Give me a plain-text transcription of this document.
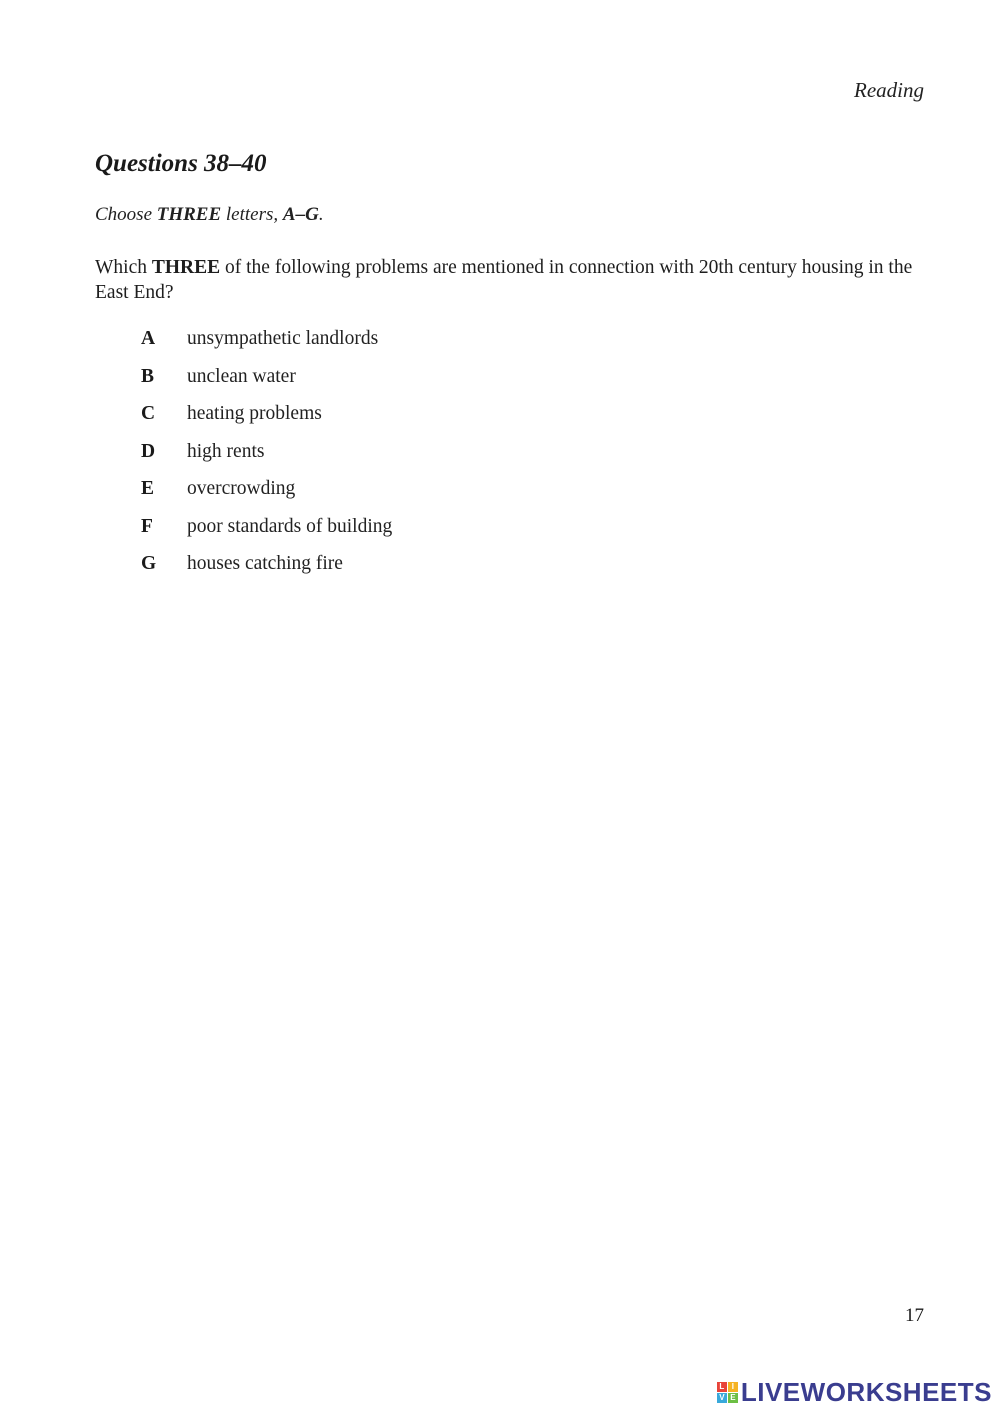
Reading
Questions 38–40
Choose THREE letters, A–G.
Which THREE of the following problems are mentioned in connection with 20th century housing in the East End?
A	unsympathetic landlords
B	unclean water
C	heating problems
D	high rents
E	overcrowding
F	poor standards of building
G	houses catching fire
17
L I
V E LIVEWORKSHEETS
